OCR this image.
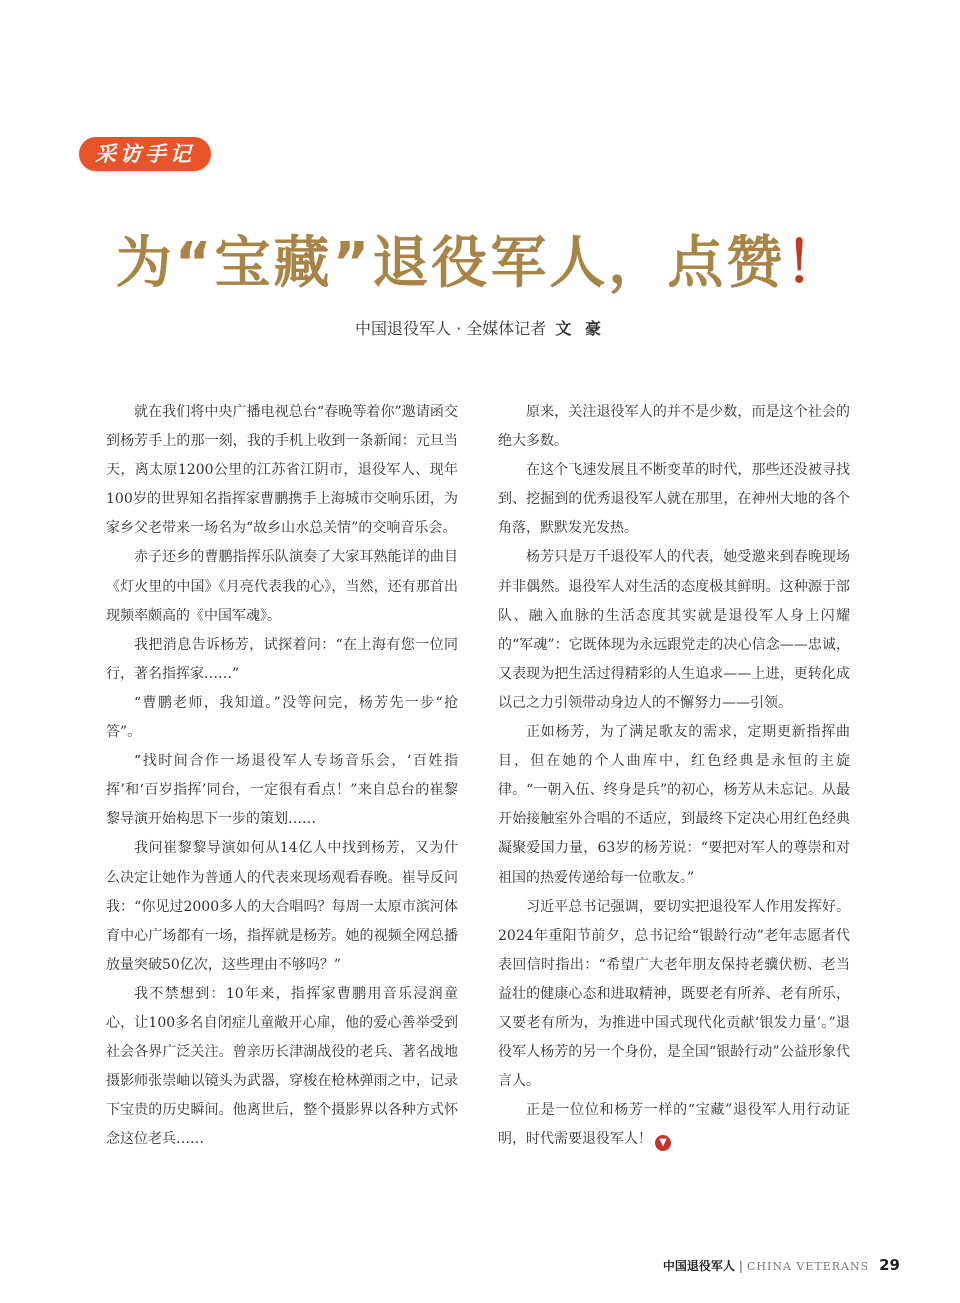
采访手记
为“宝藏”退役军人，点赞！
中国退役军人 · 全媒体记者 文 豪

就在我们将中央广播电视总台“春晚等着你”邀请函交到杨芳手上的那一刻，我的手机上收到一条新闻：元旦当天，离太原1200公里的江苏省江阴市，退役军人、现年100岁的世界知名指挥家曹鹏携手上海城市交响乐团，为家乡父老带来一场名为“故乡山水总关情”的交响音乐会。

赤子还乡的曹鹏指挥乐队演奏了大家耳熟能详的曲目《灯火里的中国》《月亮代表我的心》，当然，还有那首出现频率颇高的《中国军魂》。

我把消息告诉杨芳，试探着问：“在上海有您一位同行，著名指挥家……”

“曹鹏老师，我知道。”没等问完，杨芳先一步“抢答”。

“找时间合作一场退役军人专场音乐会，‘百姓指挥’和‘百岁指挥’同台，一定很有看点！”来自总台的崔黎黎导演开始构思下一步的策划……

我问崔黎黎导演如何从14亿人中找到杨芳，又为什么决定让她作为普通人的代表来现场观看春晚。崔导反问我：“你见过2000多人的大合唱吗？每周一太原市滨河体育中心广场都有一场，指挥就是杨芳。她的视频全网总播放量突破50亿次，这些理由不够吗？”

我不禁想到：10年来，指挥家曹鹏用音乐浸润童心，让100多名自闭症儿童敞开心扉，他的爱心善举受到社会各界广泛关注。曾亲历长津湖战役的老兵、著名战地摄影师张崇岫以镜头为武器，穿梭在枪林弹雨之中，记录下宝贵的历史瞬间。他离世后，整个摄影界以各种方式怀念这位老兵……

原来，关注退役军人的并不是少数，而是这个社会的绝大多数。

在这个飞速发展且不断变革的时代，那些还没被寻找到、挖掘到的优秀退役军人就在那里，在神州大地的各个角落，默默发光发热。

杨芳只是万千退役军人的代表，她受邀来到春晚现场并非偶然。退役军人对生活的态度极其鲜明。这种源于部队、融入血脉的生活态度其实就是退役军人身上闪耀的“军魂”：它既体现为永远跟党走的决心信念——忠诚，又表现为把生活过得精彩的人生追求——上进，更转化成以己之力引领带动身边人的不懈努力——引领。

正如杨芳，为了满足歌友的需求，定期更新指挥曲目，但在她的个人曲库中，红色经典是永恒的主旋律。“一朝入伍、终身是兵”的初心，杨芳从未忘记。从最开始接触室外合唱的不适应，到最终下定决心用红色经典凝聚爱国力量，63岁的杨芳说：“要把对军人的尊崇和对祖国的热爱传递给每一位歌友。”

习近平总书记强调，要切实把退役军人作用发挥好。2024年重阳节前夕，总书记给“银龄行动”老年志愿者代表回信时指出：“希望广大老年朋友保持老骥伏枥、老当益壮的健康心态和进取精神，既要老有所养、老有所乐，又要老有所为，为推进中国式现代化贡献‘银发力量’。”退役军人杨芳的另一个身份，是全国“银龄行动”公益形象代言人。

正是一位位和杨芳一样的“宝藏”退役军人用行动证明，时代需要退役军人！ ▼

中国退役军人 | CHINA VETERANS 29
